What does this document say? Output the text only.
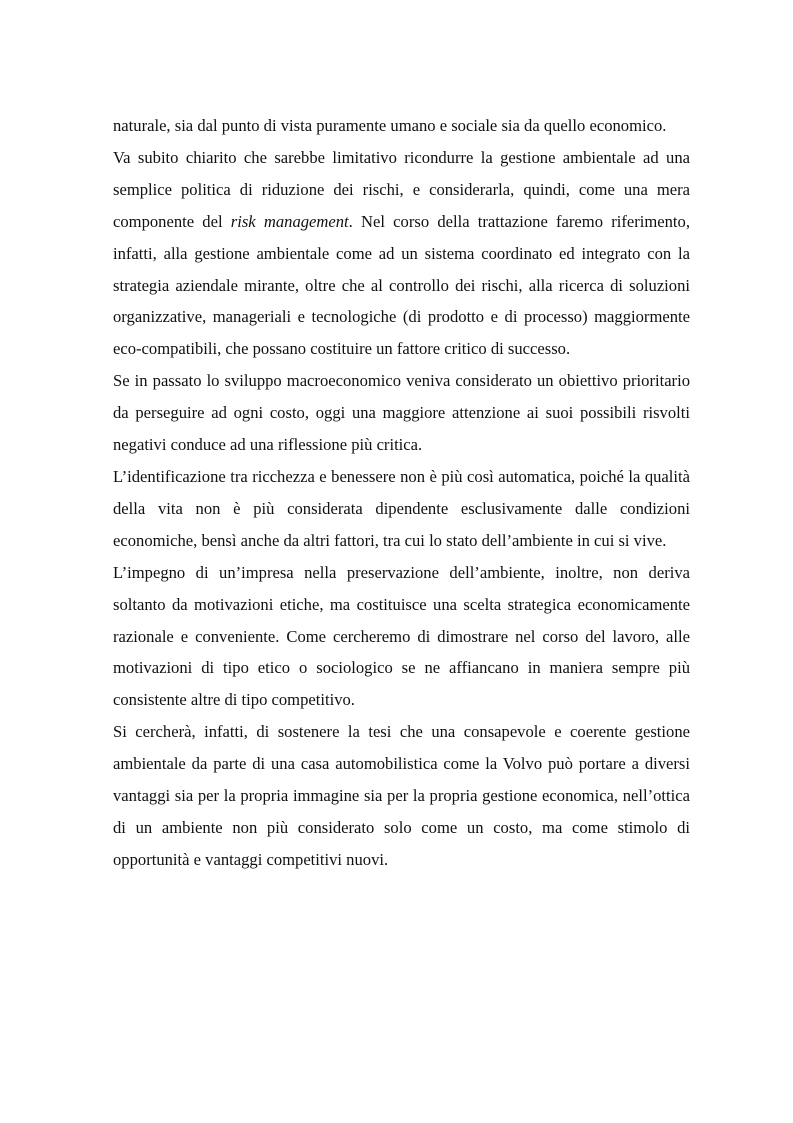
naturale, sia dal punto di vista puramente umano e sociale sia da quello economico.

Va subito chiarito che sarebbe limitativo ricondurre la gestione ambientale ad una semplice politica di riduzione dei rischi, e considerarla, quindi, come una mera componente del risk management. Nel corso della trattazione faremo riferimento, infatti, alla gestione ambientale come ad un sistema coordinato ed integrato con la strategia aziendale mirante, oltre che al controllo dei rischi, alla ricerca di soluzioni organizzative, manageriali e tecnologiche (di prodotto e di processo) maggiormente eco-compatibili, che possano costituire un fattore critico di successo.

Se in passato lo sviluppo macroeconomico veniva considerato un obiettivo prioritario da perseguire ad ogni costo, oggi una maggiore attenzione ai suoi possibili risvolti negativi conduce ad una riflessione più critica.

L’identificazione tra ricchezza e benessere non è più così automatica, poiché la qualità della vita non è più considerata dipendente esclusivamente dalle condizioni economiche, bensì anche da altri fattori, tra cui lo stato dell’ambiente in cui si vive.

L’impegno di un’impresa nella preservazione dell’ambiente, inoltre, non deriva soltanto da motivazioni etiche, ma costituisce una scelta strategica economicamente razionale e conveniente. Come cercheremo di dimostrare nel corso del lavoro, alle motivazioni di tipo etico o sociologico se ne affiancano in maniera sempre più consistente altre di tipo competitivo.

Si cercherà, infatti, di sostenere la tesi che una consapevole e coerente gestione ambientale da parte di una casa automobilistica come la Volvo può portare a diversi vantaggi sia per la propria immagine sia per la propria gestione economica, nell’ottica di un ambiente non più considerato solo come un costo, ma come stimolo di opportunità e vantaggi competitivi nuovi.
